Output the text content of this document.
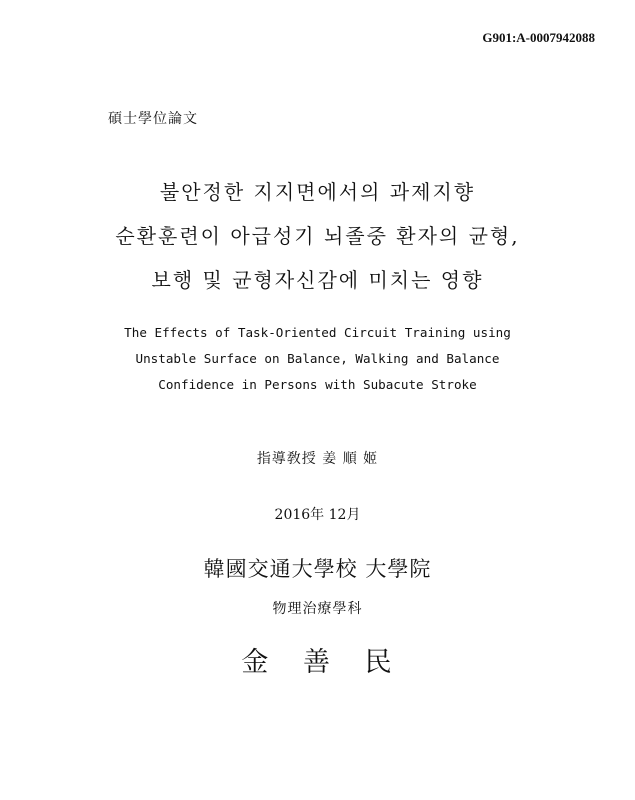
G901:A-0007942088
碩士學位論文
불안정한 지지면에서의 과제지향
순환훈련이 아급성기 뇌졸중 환자의 균형,
보행 및 균형자신감에 미치는 영향
The Effects of Task-Oriented Circuit Training using
Unstable Surface on Balance, Walking and Balance
Confidence in Persons with Subacute Stroke
指導敎授 姜 順 姬
2016年 12月
韓國交通大學校 大學院
物理治療學科
金 善 民
